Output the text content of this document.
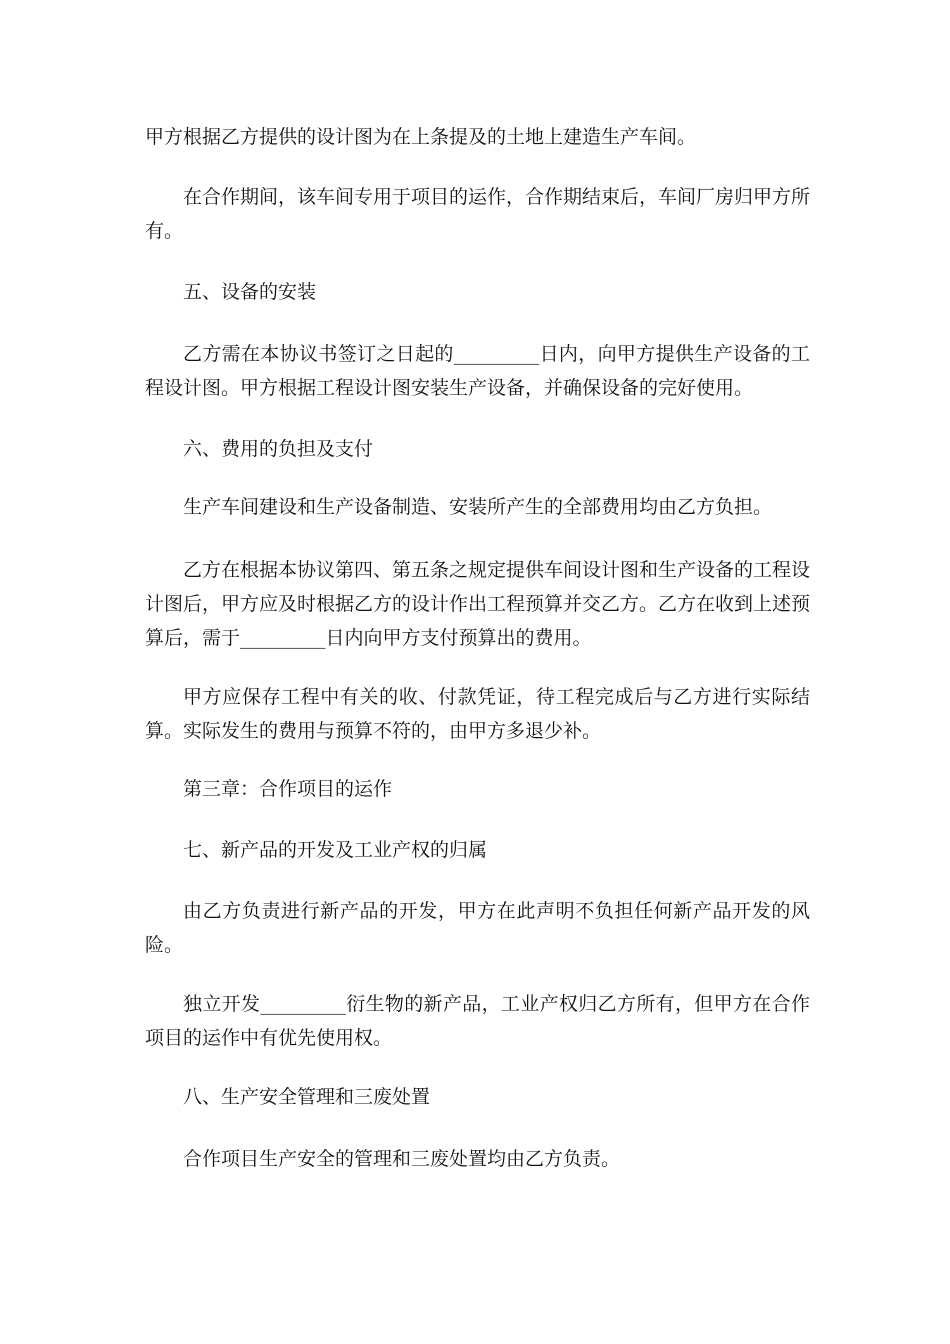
甲方根据乙方提供的设计图为在上条提及的土地上建造生产车间。

在合作期间，该车间专用于项目的运作，合作期结束后，车间厂房归甲方所有。

五、设备的安装

乙方需在本协议书签订之日起的_________日内，向甲方提供生产设备的工程设计图。甲方根据工程设计图安装生产设备，并确保设备的完好使用。

六、费用的负担及支付

生产车间建设和生产设备制造、安装所产生的全部费用均由乙方负担。

乙方在根据本协议第四、第五条之规定提供车间设计图和生产设备的工程设计图后，甲方应及时根据乙方的设计作出工程预算并交乙方。乙方在收到上述预算后，需于_________日内向甲方支付预算出的费用。

甲方应保存工程中有关的收、付款凭证，待工程完成后与乙方进行实际结算。实际发生的费用与预算不符的，由甲方多退少补。

第三章：合作项目的运作

七、新产品的开发及工业产权的归属

由乙方负责进行新产品的开发，甲方在此声明不负担任何新产品开发的风险。

独立开发_________衍生物的新产品，工业产权归乙方所有，但甲方在合作项目的运作中有优先使用权。

八、生产安全管理和三废处置

合作项目生产安全的管理和三废处置均由乙方负责。
